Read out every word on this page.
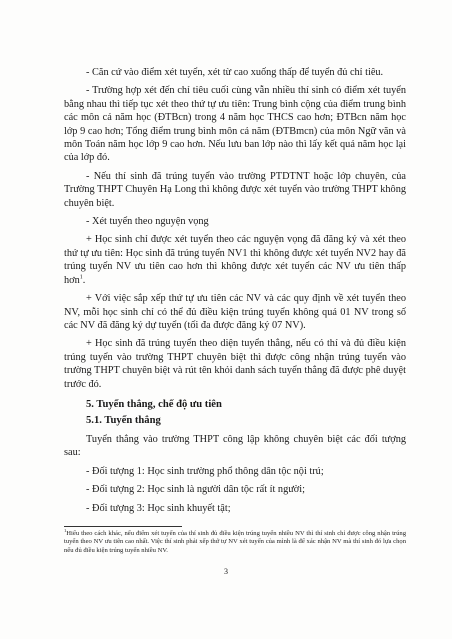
- Căn cứ vào điểm xét tuyển, xét từ cao xuống thấp để tuyển đủ chỉ tiêu.

- Trường hợp xét đến chỉ tiêu cuối cùng vẫn nhiều thí sinh có điểm xét tuyển bằng nhau thì tiếp tục xét theo thứ tự ưu tiên: Trung bình cộng của điểm trung bình các môn cả năm học (ĐTBcn) trong 4 năm học THCS cao hơn; ĐTBcn năm học lớp 9 cao hơn; Tổng điểm trung bình môn cả năm (ĐTBmcn) của môn Ngữ văn và môn Toán năm học lớp 9 cao hơn. Nếu lưu ban lớp nào thì lấy kết quả năm học lại của lớp đó.

- Nếu thí sinh đã trúng tuyển vào trường PTDTNT hoặc lớp chuyên, của Trường THPT Chuyên Hạ Long thì không được xét tuyển vào trường THPT không chuyên biệt.

- Xét tuyển theo nguyện vọng

+ Học sinh chỉ được xét tuyển theo các nguyện vọng đã đăng ký và xét theo thứ tự ưu tiên: Học sinh đã trúng tuyển NV1 thì không được xét tuyển NV2 hay đã trúng tuyển NV ưu tiên cao hơn thì không được xét tuyển các NV ưu tiên thấp hơn$^1$.

+ Với việc sắp xếp thứ tự ưu tiên các NV và các quy định về xét tuyển theo NV, mỗi học sinh chỉ có thể đủ điều kiện trúng tuyển không quá 01 NV trong số các NV đã đăng ký dự tuyển (tối đa được đăng ký 07 NV).

+ Học sinh đã trúng tuyển theo diện tuyển thẳng, nếu có thí và đủ điều kiện trúng tuyển vào trường THPT chuyên biệt thì được công nhận trúng tuyển vào trường THPT chuyên biệt và rút tên khỏi danh sách tuyển thẳng đã được phê duyệt trước đó.

5. Tuyển thẳng, chế độ ưu tiên
5.1. Tuyển thẳng

Tuyển thẳng vào trường THPT công lập không chuyên biệt các đối tượng sau:

- Đối tượng 1: Học sinh trường phổ thông dân tộc nội trú;

- Đối tượng 2: Học sinh là người dân tộc rất ít người;

- Đối tượng 3: Học sinh khuyết tật;

$^1$Hiểu theo cách khác, nếu điểm xét tuyển của thí sinh đủ điều kiện trúng tuyển nhiều NV thì thí sinh chỉ được công nhận trúng tuyển theo NV ưu tiên cao nhất. Việc thí sinh phải xếp thứ tự NV xét tuyển của mình là để xác nhận NV mà thí sinh đó lựa chọn nếu đủ điều kiện trúng tuyển nhiều NV.
3
